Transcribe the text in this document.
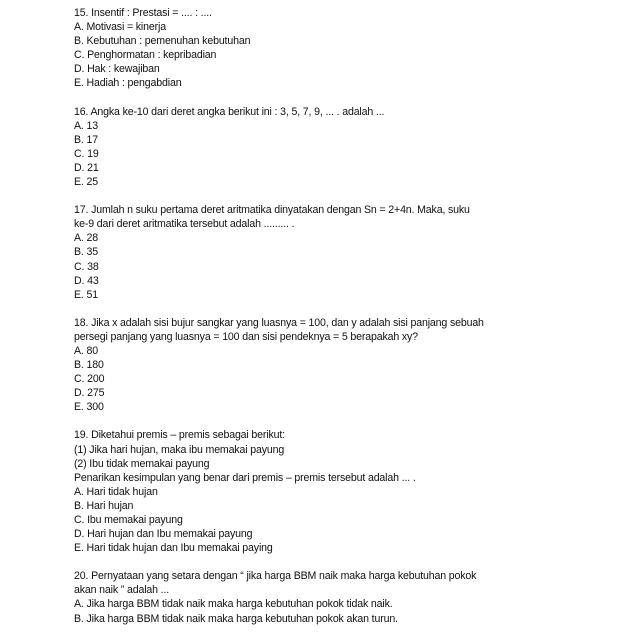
15. Insentif : Prestasi = .... : ....
A. Motivasi = kinerja
B. Kebutuhan : pemenuhan kebutuhan
C. Penghormatan : kepribadian
D. Hak : kewajiban
E. Hadiah : pengabdian
16. Angka ke-10 dari deret angka berikut ini : 3, 5, 7, 9, ... . adalah ...
A. 13
B. 17
C. 19
D. 21
E. 25
17. Jumlah n suku pertama deret aritmatika dinyatakan dengan Sn = 2+4n. Maka, suku
ke-9 dari deret aritmatika tersebut adalah ......... .
A. 28
B. 35
C. 38
D. 43
E. 51
18. Jika x adalah sisi bujur sangkar yang luasnya = 100, dan y adalah sisi panjang sebuah
persegi panjang yang luasnya = 100 dan sisi pendeknya = 5 berapakah xy?
A. 80
B. 180
C. 200
D. 275
E. 300
19. Diketahui premis – premis sebagai berikut:
(1) Jika hari hujan, maka ibu memakai payung
(2) Ibu tidak memakai payung
Penarikan kesimpulan yang benar dari premis – premis tersebut adalah ... .
A. Hari tidak hujan
B. Hari hujan
C. Ibu memakai payung
D. Hari hujan dan Ibu memakai payung
E. Hari tidak hujan dan Ibu memakai paying
20. Pernyataan yang setara dengan “ jika harga BBM naik maka harga kebutuhan pokok
akan naik ” adalah ...
A. Jika harga BBM tidak naik maka harga kebutuhan pokok tidak naik.
B. Jika harga BBM tidak naik maka harga kebutuhan pokok akan turun.
